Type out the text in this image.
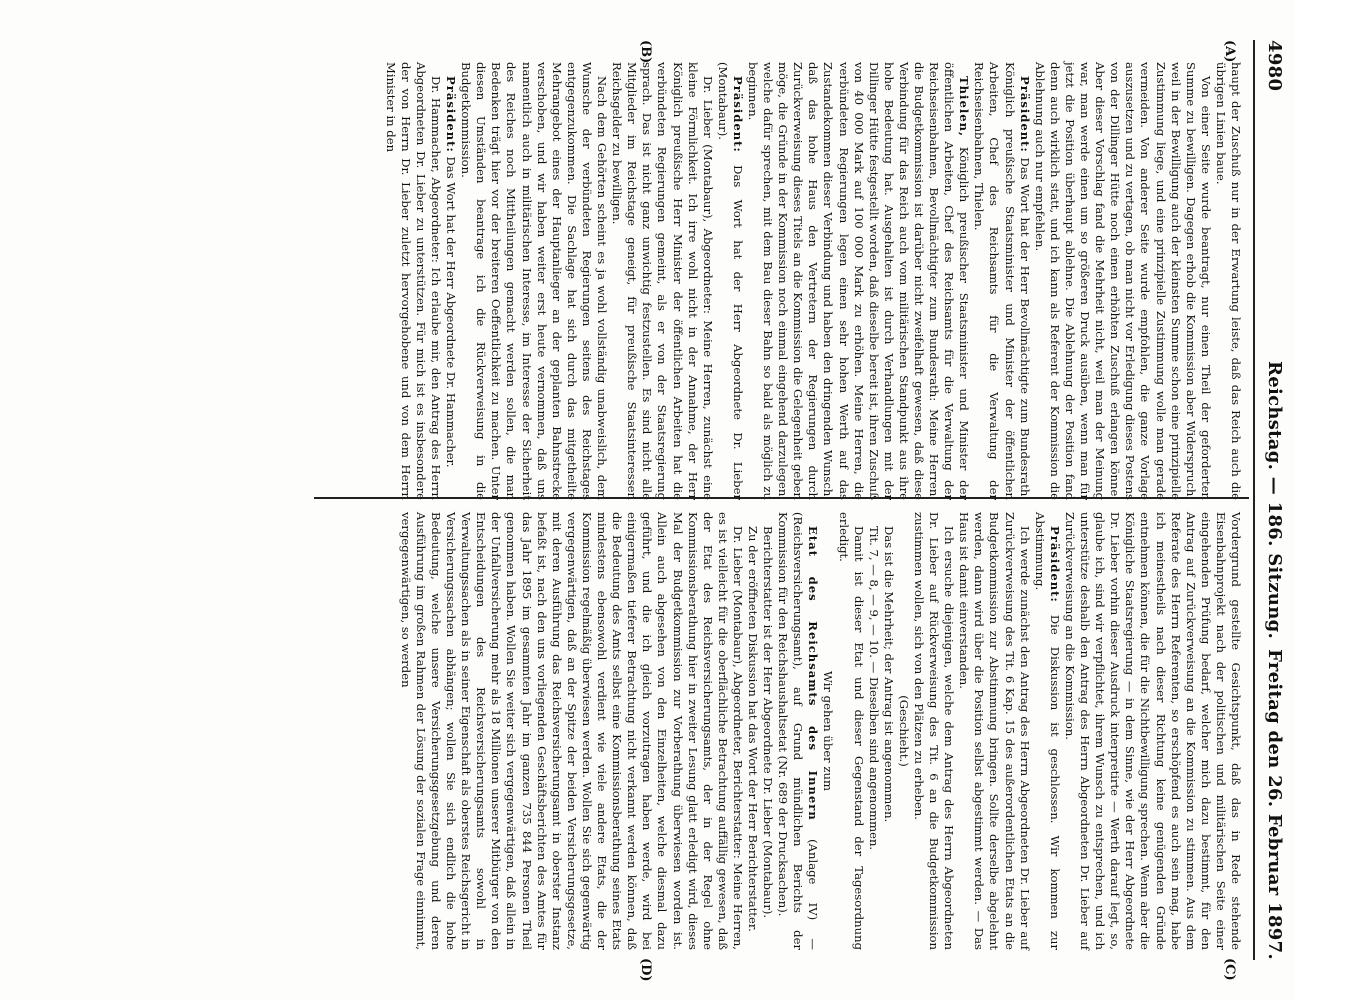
4980
Reichstag. — 186. Sitzung.
Freitag den 26. Februar 1897.
(A)
(B)
(C)
(D)

haupt der Zuschuß nur in der Erwartung leiste, daß das Reich auch die übrigen Linien baue.

Von einer Seite wurde beantragt, nur einen Theil der geforderten Summe zu bewilligen. Dagegen erhob die Kommission aber Widerspruch, weil in der Bewilligung auch der kleinsten Summe schon eine prinzipielle Zustimmung liege, und eine prinzipielle Zustimmung wolle man gerade vermeiden. Von anderer Seite wurde empfohlen, die ganze Vorlage auszusetzen und zu vertagen, ob man nicht vor Erledigung dieses Postens von der Dillinger Hütte noch einen erhöhten Zuschuß erlangen könne. Aber dieser Vorschlag fand die Mehrheit nicht, weil man der Meinung war, man werde einen um so größeren Druck ausüben, wenn man für jetzt die Position überhaupt ablehne. Die Ablehnung der Position fand denn auch wirklich statt, und ich kann als Referent der Kommission die Ablehnung auch nur empfehlen.

Präsident: Das Wort hat der Herr Bevollmächtigte zum Bundesrath, Königlich preußische Staatsminister und Minister der öffentlichen Arbeiten, Chef des Reichsamts für die Verwaltung der Reichseisenbahnen, Thielen.

Thielen, Königlich preußischer Staatsminister und Minister der öffentlichen Arbeiten, Chef des Reichsamts für die Verwaltung der Reichseisenbahnen, Bevollmächtigter zum Bundesrath: Meine Herren, die Budgetkommission ist darüber nicht zweifelhaft gewesen, daß diese Verbindung für das Reich auch vom militärischen Standpunkt aus ihre hohe Bedeutung hat. Ausgehalten ist durch Verhandlungen mit der Dillinger Hütte festgestellt worden, daß dieselbe bereit ist, ihren Zuschuß von 40 000 Mark auf 100 000 Mark zu erhöhen. Meine Herren, die verbündeten Regierungen legen einen sehr hohen Werth auf das Zustandekommen dieser Verbindung und haben den dringenden Wunsch, daß das hohe Haus den Vertretern der Regierungen durch Zurückverweisung dieses Titels an die Kommission die Gelegenheit geben möge, die Gründe in der Kommission noch einmal eingehend darzulegen, welche dafür sprechen, mit dem Bau dieser Bahn so bald als möglich zu beginnen.

Präsident: Das Wort hat der Herr Abgeordnete Dr. Lieber (Montabaur).

Dr. Lieber (Montabaur), Abgeordneter: Meine Herren, zunächst eine kleine Förmlichkeit. Ich irre wohl nicht in der Annahme, der Herr Königlich preußische Herr Minister der öffentlichen Arbeiten hat die verbündeten Regierungen gemeint, als er von der Staatsregierung sprach. Das ist nicht ganz unwichtig festzustellen. Es sind nicht alle Mitglieder im Reichstage geneigt, für preußische Staatsinteressen Reichsgelder zu bewilligen.

Nach dem Gehörten scheint es ja wohl vollständig unabweislich, dem Wunsche der verbündeten Regierungen seitens des Reichstages entgegenzukommen. Die Sachlage hat sich durch das mitgetheilte Mehrangebot eines der Hauptanlieger an der geplanten Bahnstrecke verschoben, und wir haben weiter erst heute vernommen, daß uns namentlich auch in militärischen Interesse, im Interesse der Sicherheit des Reiches noch Mittheilungen gemacht werden sollen, die man Bedenken trägt hier vor der breiteren Oeffentlichkeit zu machen. Unter diesen Umständen beantrage ich die Rückverweisung in die Budgetkommission.

Präsident: Das Wort hat der Herr Abgeordnete Dr. Hammacher.

Dr. Hammacher, Abgeordneter: Ich erlaube mir, den Antrag des Herrn Abgeordneten Dr. Lieber zu unterstützen. Für mich ist es insbesondere der von Herrn Dr. Lieber zuletzt hervorgehobene und von dem Herrn Minister in den

Vordergrund gestellte Gesichtspunkt, daß das in Rede stehende Eisenbahnprojekt nach der politischen und militärischen Seite einer eingehenden Prüfung bedarf, welcher mich dazu bestimmt, für den Antrag auf Zurückverweisung an die Kommission zu stimmen. Aus dem Referate des Herrn Referenten, so erschöpfend es auch sein mag, habe ich meinestheils nach dieser Richtung keine genügenden Gründe entnehmen können, die für die Nichtbewilligung sprechen. Wenn aber die Königliche Staatsregierung — in dem Sinne, wie der Herr Abgeordnete Dr. Lieber vorhin dieser Ausdruck interpretirte — Werth darauf legt, so, glaube ich, sind wir verpflichtet, ihrem Wunsch zu entsprechen, und ich unterstütze deshalb den Antrag des Herrn Abgeordneten Dr. Lieber auf Zurückverweisung an die Kommission.

Präsident: Die Diskussion ist geschlossen. Wir kommen zur Abstimmung.

Ich werde zunächst den Antrag des Herrn Abgeordneten Dr. Lieber auf Zurückverweisung des Tit. 6 Kap. 15 des außerordentlichen Etats an die Budgetkommission zur Abstimmung bringen. Sollte derselbe abgelehnt werden, dann wird über die Position selbst abgestimmt werden. — Das Haus ist damit einverstanden.

Ich ersuche diejenigen, welche dem Antrag des Herrn Abgeordneten Dr. Lieber auf Rückverweisung des Tit. 6 an die Budgetkommission zustimmen wollen, sich von den Plätzen zu erheben.

(Geschieht.)

Das ist die Mehrheit; der Antrag ist angenommen.

Tit. 7, — 8, — 9, — 10. — Dieselben sind angenommen.

Damit ist dieser Etat und dieser Gegenstand der Tagesordnung erledigt.

Wir gehen über zum

Etat des Reichsamts des Innern (Anlage IV) — (Reichsversicherungsamt), auf Grund mündlichen Berichts der Kommission für den Reichshaushaltsetat (Nr. 689 der Drucksachen).

Berichterstatter ist der Herr Abgeordnete Dr. Lieber (Montabaur).

Zu der eröffneten Diskussion hat das Wort der Herr Berichterstatter.

Dr. Lieber (Montabaur), Abgeordneter, Berichterstatter: Meine Herren, es ist vielleicht für die oberflächliche Betrachtung auffällig gewesen, daß der Etat des Reichsversicherungsamts, der in der Regel ohne Kommissionsberathung hier in zweiter Lesung glatt erledigt wird, dieses Mal der Budgetkommission zur Vorberathung überwiesen worden ist. Allein auch abgesehen von den Einzelheiten, welche diesmal dazu geführt, und die ich gleich vorzutragen haben werde, wird bei einigermaßen tieferer Betrachtung nicht verkannt werden können, daß die Bedeutung des Amts selbst eine Kommissionsberathung seines Etats mindestens ebensowohl verdient wie viele andere Etats, die der Kommission regelmäßig überwiesen werden. Wollen Sie sich gegenwärtig vergegenwärtigen, daß an der Spitze der beiden Versicherungsgesetze, mit deren Ausführung das Reichsversicherungsamt in oberster Instanz befaßt ist, nach den uns vorliegenden Geschäftsberichten des Amtes für das Jahr 1895 im gesammten Jahr im ganzen 735 844 Personen Theil genommen haben. Wollen Sie weiter sich vergegenwärtigen, daß allein in der Unfallversicherung mehr als 18 Millionen unserer Mitbürger von den Entscheidungen des Reichsversicherungsamts sowohl in Verwaltungssachen als in seiner Eigenschaft als oberstes Reichsgericht in Versicherungssachen abhängen; wollen Sie sich endlich die hohe Bedeutung, welche unsere Versicherungsgesetzgebung und deren Ausführung im großen Rahmen der Lösung der sozialen Frage einnimmt, vergegenwärtigen, so werden
